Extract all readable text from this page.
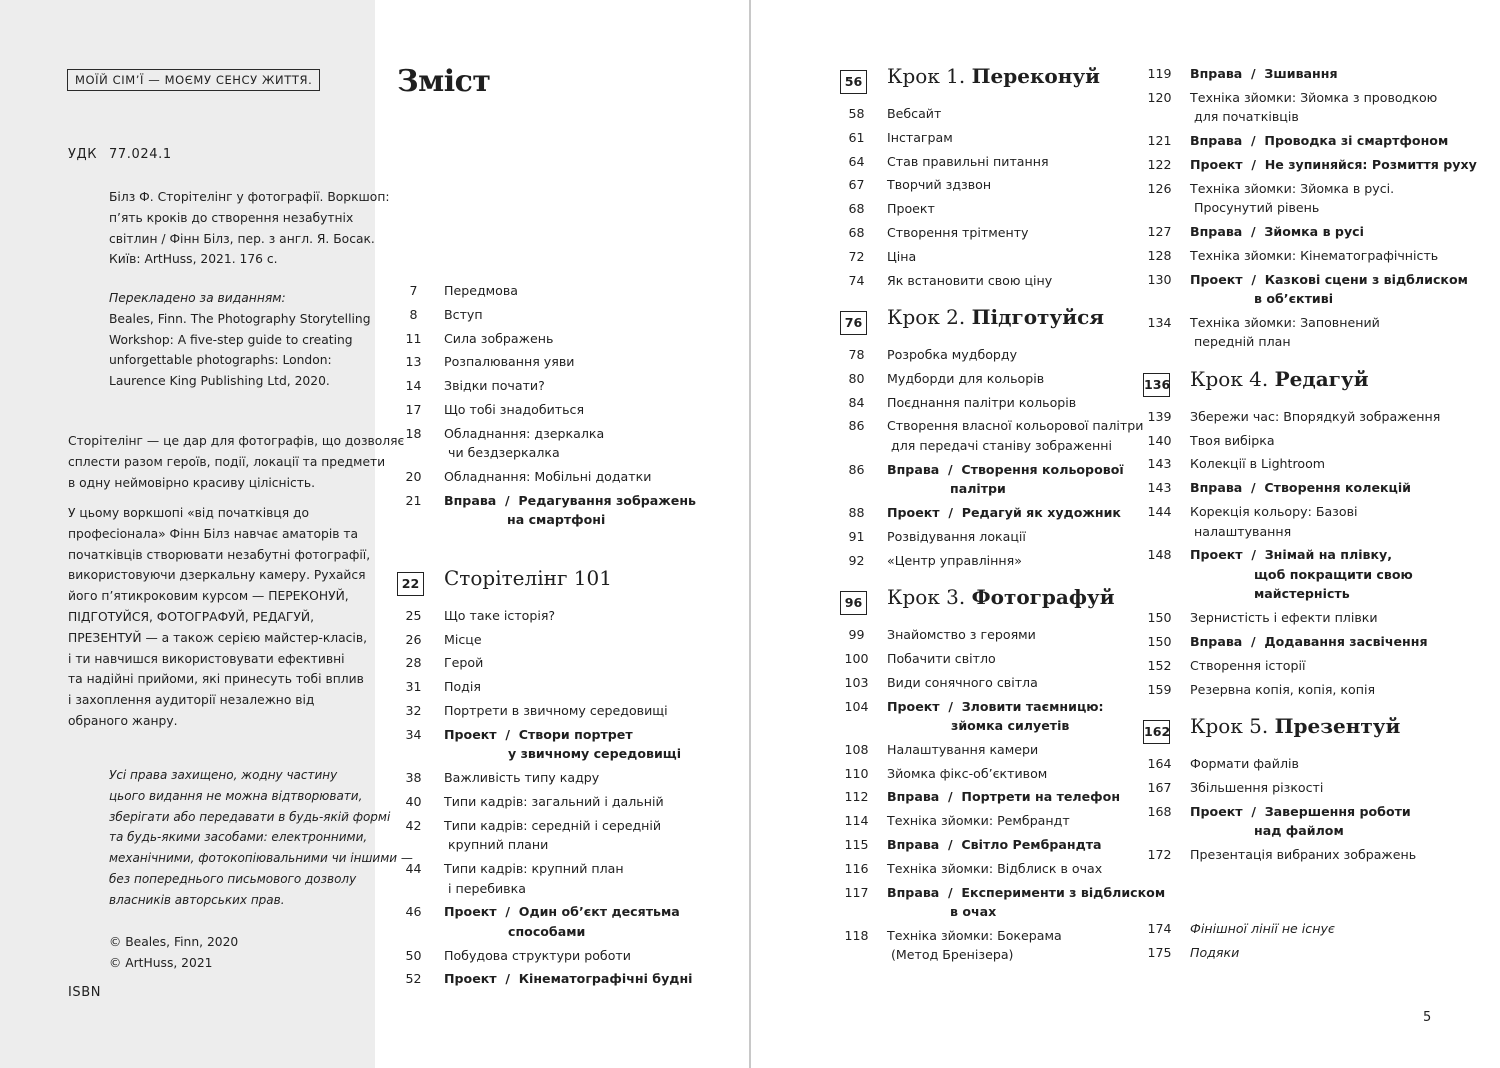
МОЇЙ СІМ’Ї — МОЄМУ СЕНСУ ЖИТТЯ.
УДК 77.024.1
Білз Ф. Сторітелінг у фотографії. Воркшоп:
п’ять кроків до створення незабутніх
світлин / Фінн Білз, пер. з англ. Я. Босак.
Київ: ArtHuss, 2021. 176 с.
Перекладено за виданням:
Beales, Finn. The Photography Storytelling
Workshop: A five-step guide to creating
unforgettable photographs: London:
Laurence King Publishing Ltd, 2020.
Сторітелінг — це дар для фотографів, що дозволяє
сплести разом героїв, події, локації та предмети
в одну неймовірно красиву цілісність.
У цьому воркшопі «від початківця до
професіонала» Фінн Білз навчає аматорів та
початківців створювати незабутні фотографії,
використовуючи дзеркальну камеру. Рухайся
його п’ятикроковим курсом — ПЕРЕКОНУЙ,
ПІДГОТУЙСЯ, ФОТОГРАФУЙ, РЕДАГУЙ,
ПРЕЗЕНТУЙ — а також серією майстер-класів,
і ти навчишся використовувати ефективні
та надійні прийоми, які принесуть тобі вплив
і захоплення аудиторії незалежно від
обраного жанру.
Усі права захищено, жодну частину
цього видання не можна відтворювати,
зберігати або передавати в будь-якій формі
та будь-якими засобами: електронними,
механічними, фотокопіювальними чи іншими —
без попереднього письмового дозволу
власників авторських прав.
© Beales, Finn, 2020
© ArtHuss, 2021
ISBN
Зміст
7	Передмова
8	Вступ
11	Сила зображень
13	Розпалювання уяви
14	Звідки почати?
17	Що тобі знадобиться
18	Обладнання: дзеркалка
чи бездзеркалка
20	Обладнання: Мобільні додатки
21	Вправа  /  Редагування зображень
на смартфоні
22 Сторітелінг 101
25	Що таке історія?
26	Місце
28	Герой
31	Подія
32	Портрети в звичному середовищі
34	Проект  /  Створи портрет
у звичному середовищі
38	Важливість типу кадру
40	Типи кадрів: загальний і дальній
42	Типи кадрів: середній і середній
крупний плани
44	Типи кадрів: крупний план
і перебивка
46	Проект  /  Один об’єкт десятьма
способами
50	Побудова структури роботи
52	Проект  /  Кінематографічні будні
56 Крок 1. Переконуй
58	Вебсайт
61	Інстаграм
64	Став правильні питання
67	Творчий здзвон
68	Проект
68	Створення трітменту
72	Ціна
74	Як встановити свою ціну
76 Крок 2. Підготуйся
78	Розробка мудборду
80	Мудборди для кольорів
84	Поєднання палітри кольорів
86	Створення власної кольорової палітри
для передачі станіву зображенні
86	Вправа  /  Створення кольорової
палітри
88	Проект  /  Редагуй як художник
91	Розвідування локації
92	«Центр управління»
96 Крок 3. Фотографуй
99	Знайомство з героями
100	Побачити світло
103	Види сонячного світла
104	Проект  /  Зловити таємницю:
зйомка силуетів
108	Налаштування камери
110	Зйомка фікс-об’єктивом
112	Вправа  /  Портрети на телефон
114	Техніка зйомки: Рембрандт
115	Вправа  /  Світло Рембрандта
116	Техніка зйомки: Відблиск в очах
117	Вправа  /  Експерименти з відблиском
в очах
118	Техніка зйомки: Бокерама
(Метод Бренізера)
119	Вправа  /  Зшивання
120	Техніка зйомки: Зйомка з проводкою
для початківців
121	Вправа  /  Проводка зі смартфоном
122	Проект  /  Не зупиняйся: Розмиття руху
126	Техніка зйомки: Зйомка в русі.
Просунутий рівень
127	Вправа  /  Зйомка в русі
128	Техніка зйомки: Кінематографічність
130	Проект  /  Казкові сцени з відблиском
в об’єктиві
134	Техніка зйомки: Заповнений
передній план
136 Крок 4. Редагуй
139	Збережи час: Впорядкуй зображення
140	Твоя вибірка
143	Колекції в Lightroom
143	Вправа  /  Створення колекцій
144	Корекція кольору: Базові
налаштування
148	Проект  /  Знімай на плівку,
щоб покращити свою
майстерність
150	Зернистість і ефекти плівки
150	Вправа  /  Додавання засвічення
152	Створення історії
159	Резервна копія, копія, копія
162 Крок 5. Презентуй
164	Формати файлів
167	Збільшення різкості
168	Проект  /  Завершення роботи
над файлом
172	Презентація вибраних зображень
174	Фінішної лінії не існує
175	Подяки
5
